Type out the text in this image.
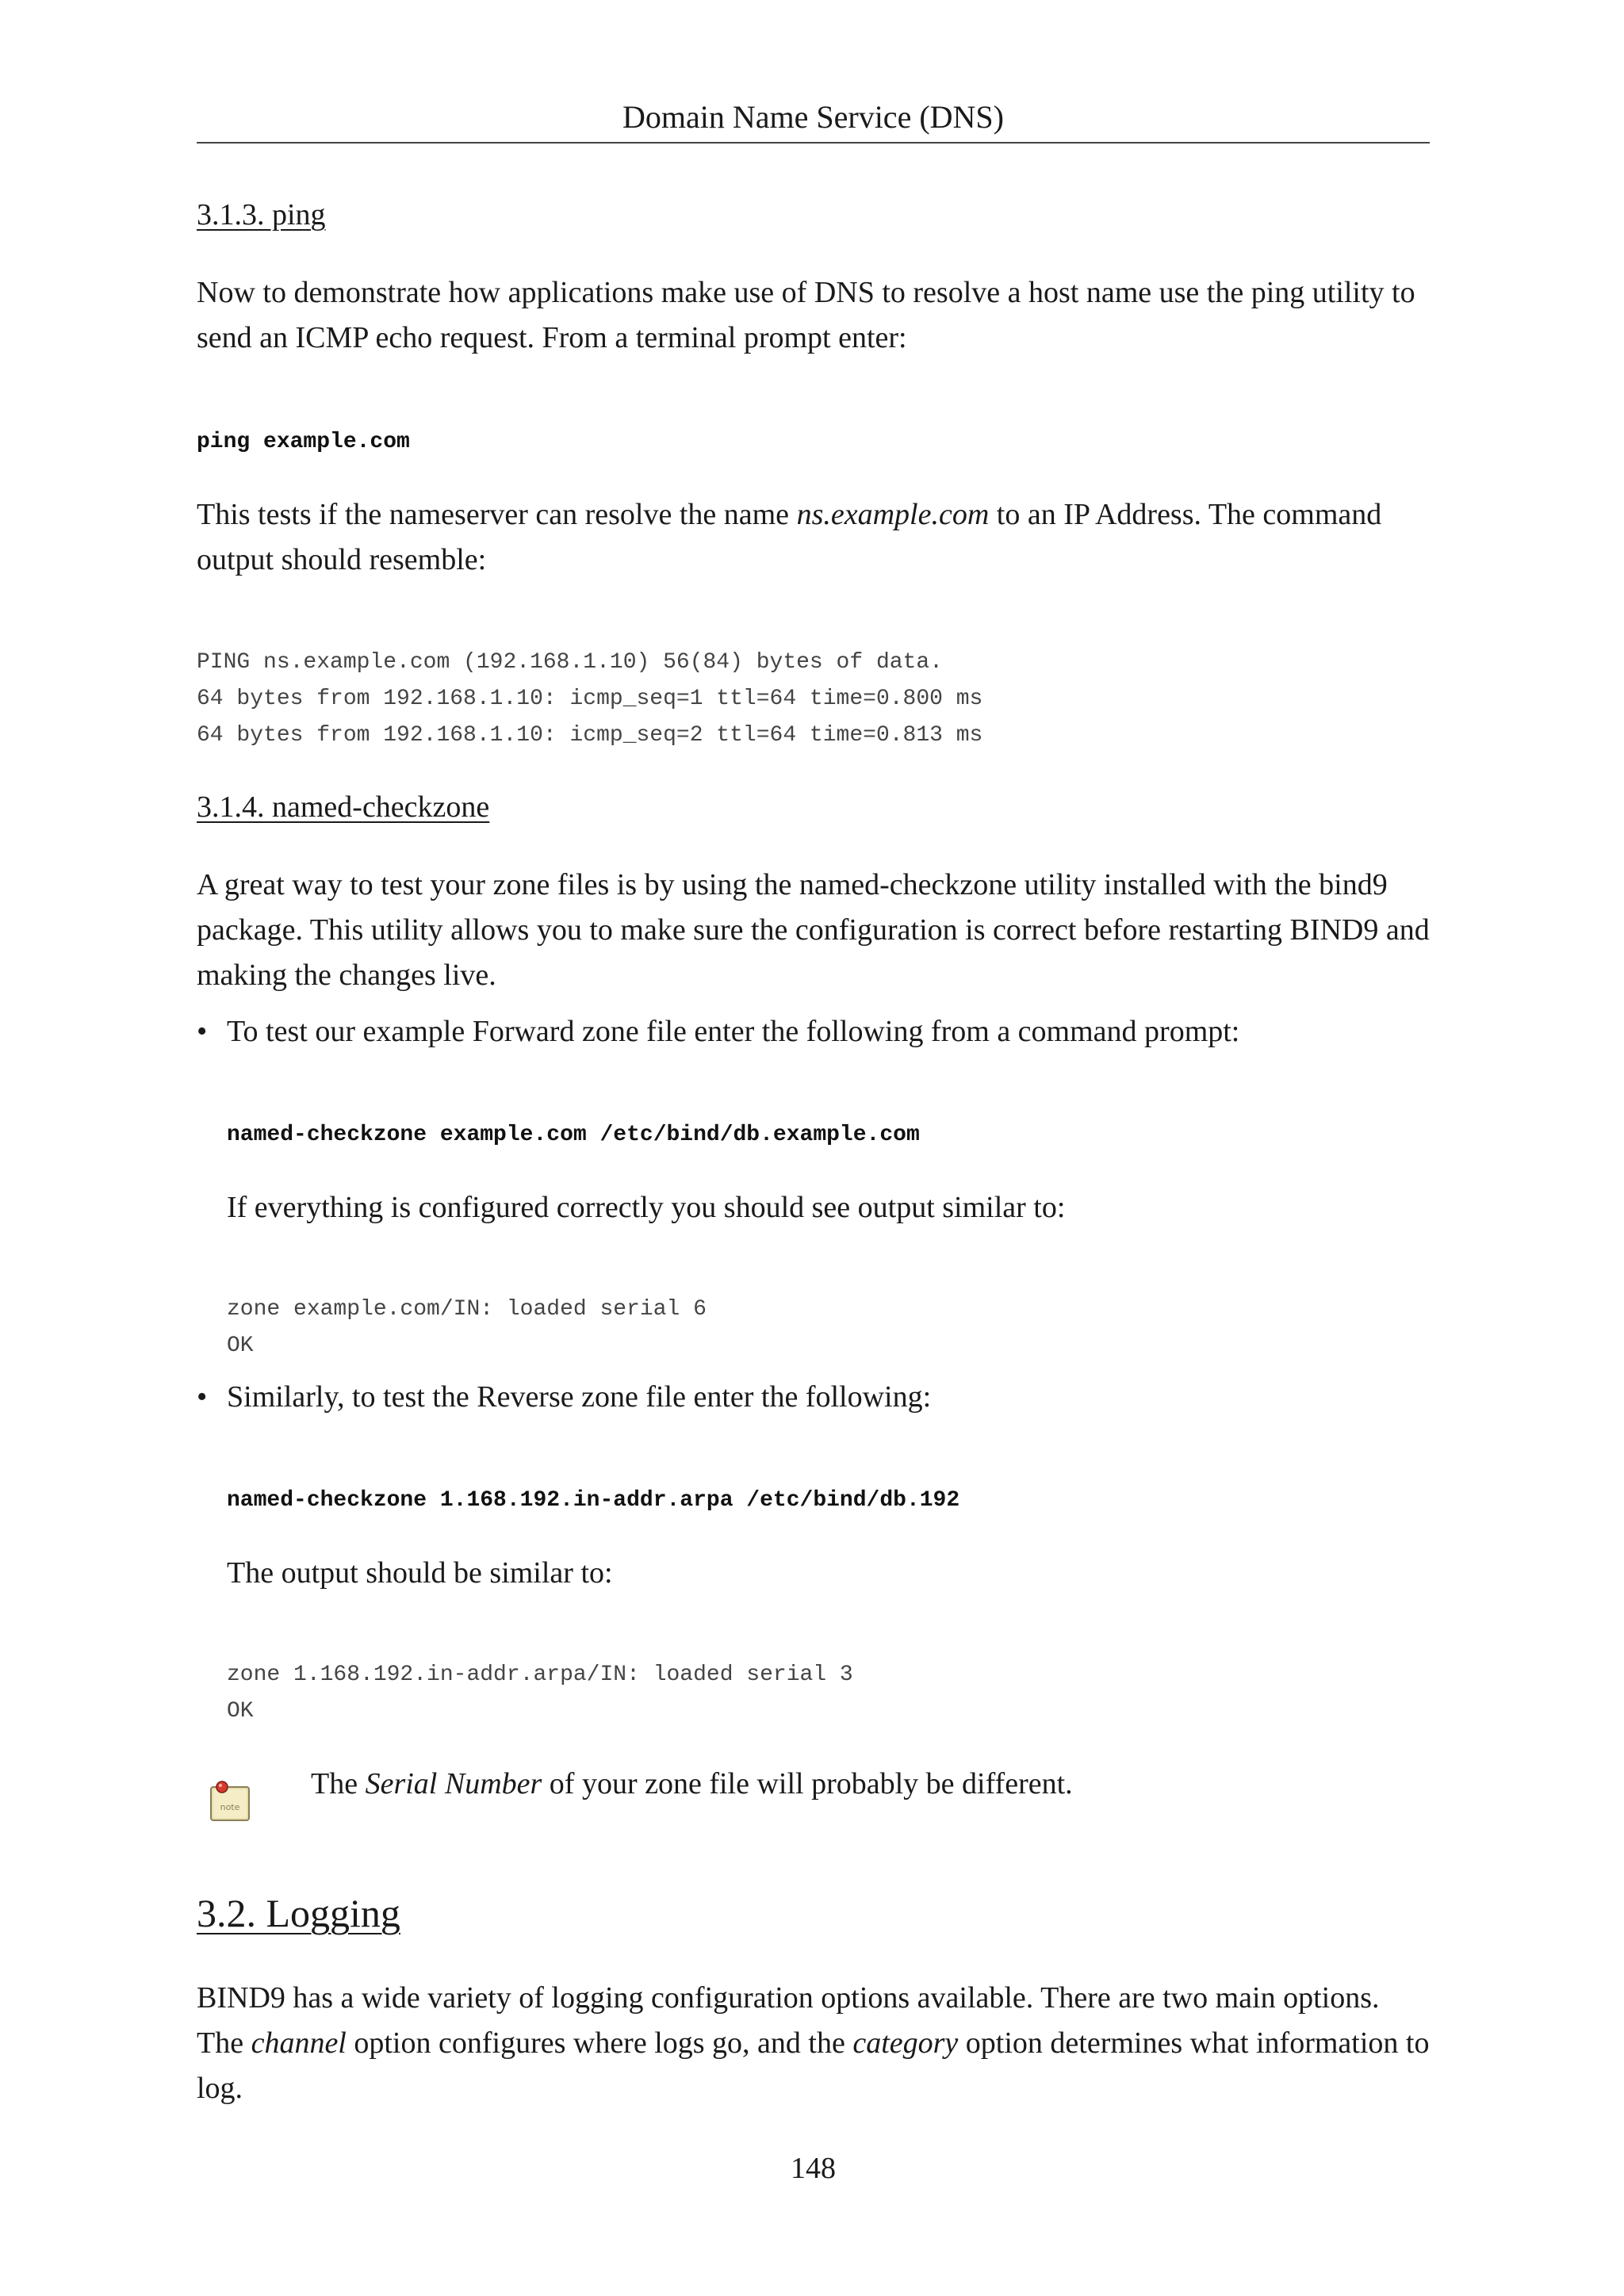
Domain Name Service (DNS)
3.1.3. ping

Now to demonstrate how applications make use of DNS to resolve a host name use the ping utility to send an ICMP echo request. From a terminal prompt enter:

ping example.com

This tests if the nameserver can resolve the name ns.example.com to an IP Address. The command output should resemble:

PING ns.example.com (192.168.1.10) 56(84) bytes of data.
64 bytes from 192.168.1.10: icmp_seq=1 ttl=64 time=0.800 ms
64 bytes from 192.168.1.10: icmp_seq=2 ttl=64 time=0.813 ms
3.1.4. named-checkzone

A great way to test your zone files is by using the named-checkzone utility installed with the bind9 package. This utility allows you to make sure the configuration is correct before restarting BIND9 and making the changes live.

• To test our example Forward zone file enter the following from a command prompt:

named-checkzone example.com /etc/bind/db.example.com

If everything is configured correctly you should see output similar to:

zone example.com/IN: loaded serial 6
OK
• Similarly, to test the Reverse zone file enter the following:

named-checkzone 1.168.192.in-addr.arpa /etc/bind/db.192

The output should be similar to:

zone 1.168.192.in-addr.arpa/IN: loaded serial 3
OK
note

The Serial Number of your zone file will probably be different.

3.2. Logging

BIND9 has a wide variety of logging configuration options available. There are two main options. The channel option configures where logs go, and the category option determines what information to log.

148
